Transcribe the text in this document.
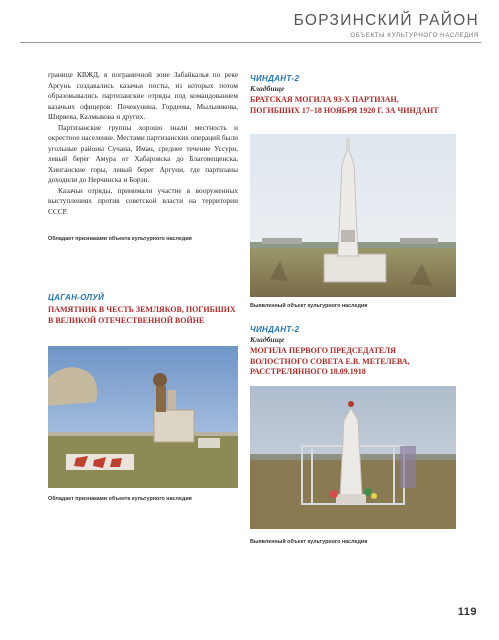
БОРЗИНСКИЙ РАЙОН
ОБЪЕКТЫ КУЛЬТУРНОГО НАСЛЕДИЯ

границе КВЖД, в пограничной зоне Забайкалья по реке Аргунь создавались казачьи посты, из которых потом образовывались партизанские отряды под командованием казачьих офицеров: Почекунина, Гордеева, Мыльникова, Ширяева, Калмыкова и других.

Партизанские группы хорошо знали местность и окрестное население. Местами партизанских операций были угольные районы Сучана, Иман, среднее течение Уссури, левый берег Амура от Хабаровска до Благовещенска, Хинганские горы, левый берег Аргуни, где партизаны доходили до Нерчинска и Борзи.

Казачьи отряды, принимали участие в вооруженных выступлениях против советской власти на территории СССР.

Обладает признаками объекта культурного наследия
ЧИНДАНТ-2
Кладбище
БРАТСКАЯ МОГИЛА 93-Х ПАРТИЗАН, ПОГИБШИХ 17–18 НОЯБРЯ 1920 Г. ЗА ЧИНДАНТ
Выявленный объект культурного наследия
ЦАГАН-ОЛУЙ
ПАМЯТНИК В ЧЕСТЬ ЗЕМЛЯКОВ, ПОГИБШИХ В ВЕЛИКОЙ ОТЕЧЕСТВЕННОЙ ВОЙНЕ
Обладает признаками объекта культурного наследия
ЧИНДАНТ-2
Кладбище
МОГИЛА ПЕРВОГО ПРЕДСЕДАТЕЛЯ ВОЛОСТНОГО СОВЕТА Е.В. МЕТЕЛЕВА, РАССТРЕЛЯННОГО 18.09.1918
Выявленный объект культурного наследия
119
